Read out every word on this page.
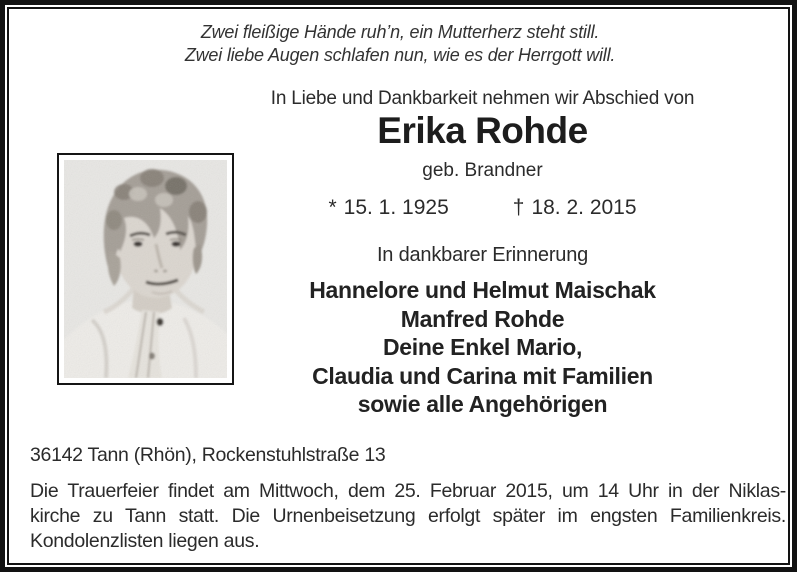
Zwei fleißige Hände ruh’n, ein Mutterherz steht still.
Zwei liebe Augen schlafen nun, wie es der Herrgott will.
In Liebe und Dankbarkeit nehmen wir Abschied von
Erika Rohde
geb. Brandner
* 15. 1. 1925	† 18. 2. 2015
In dankbarer Erinnerung
Hannelore und Helmut Maischak
Manfred Rohde
Deine Enkel Mario,
Claudia und Carina mit Familien
sowie alle Angehörigen
36142 Tann (Rhön), Rockenstuhlstraße 13
Die Trauerfeier findet am Mittwoch, dem 25. Februar 2015, um 14 Uhr in der Niklas-
kirche zu Tann statt. Die Urnenbeisetzung erfolgt später im engsten Familienkreis.
Kondolenzlisten liegen aus.
